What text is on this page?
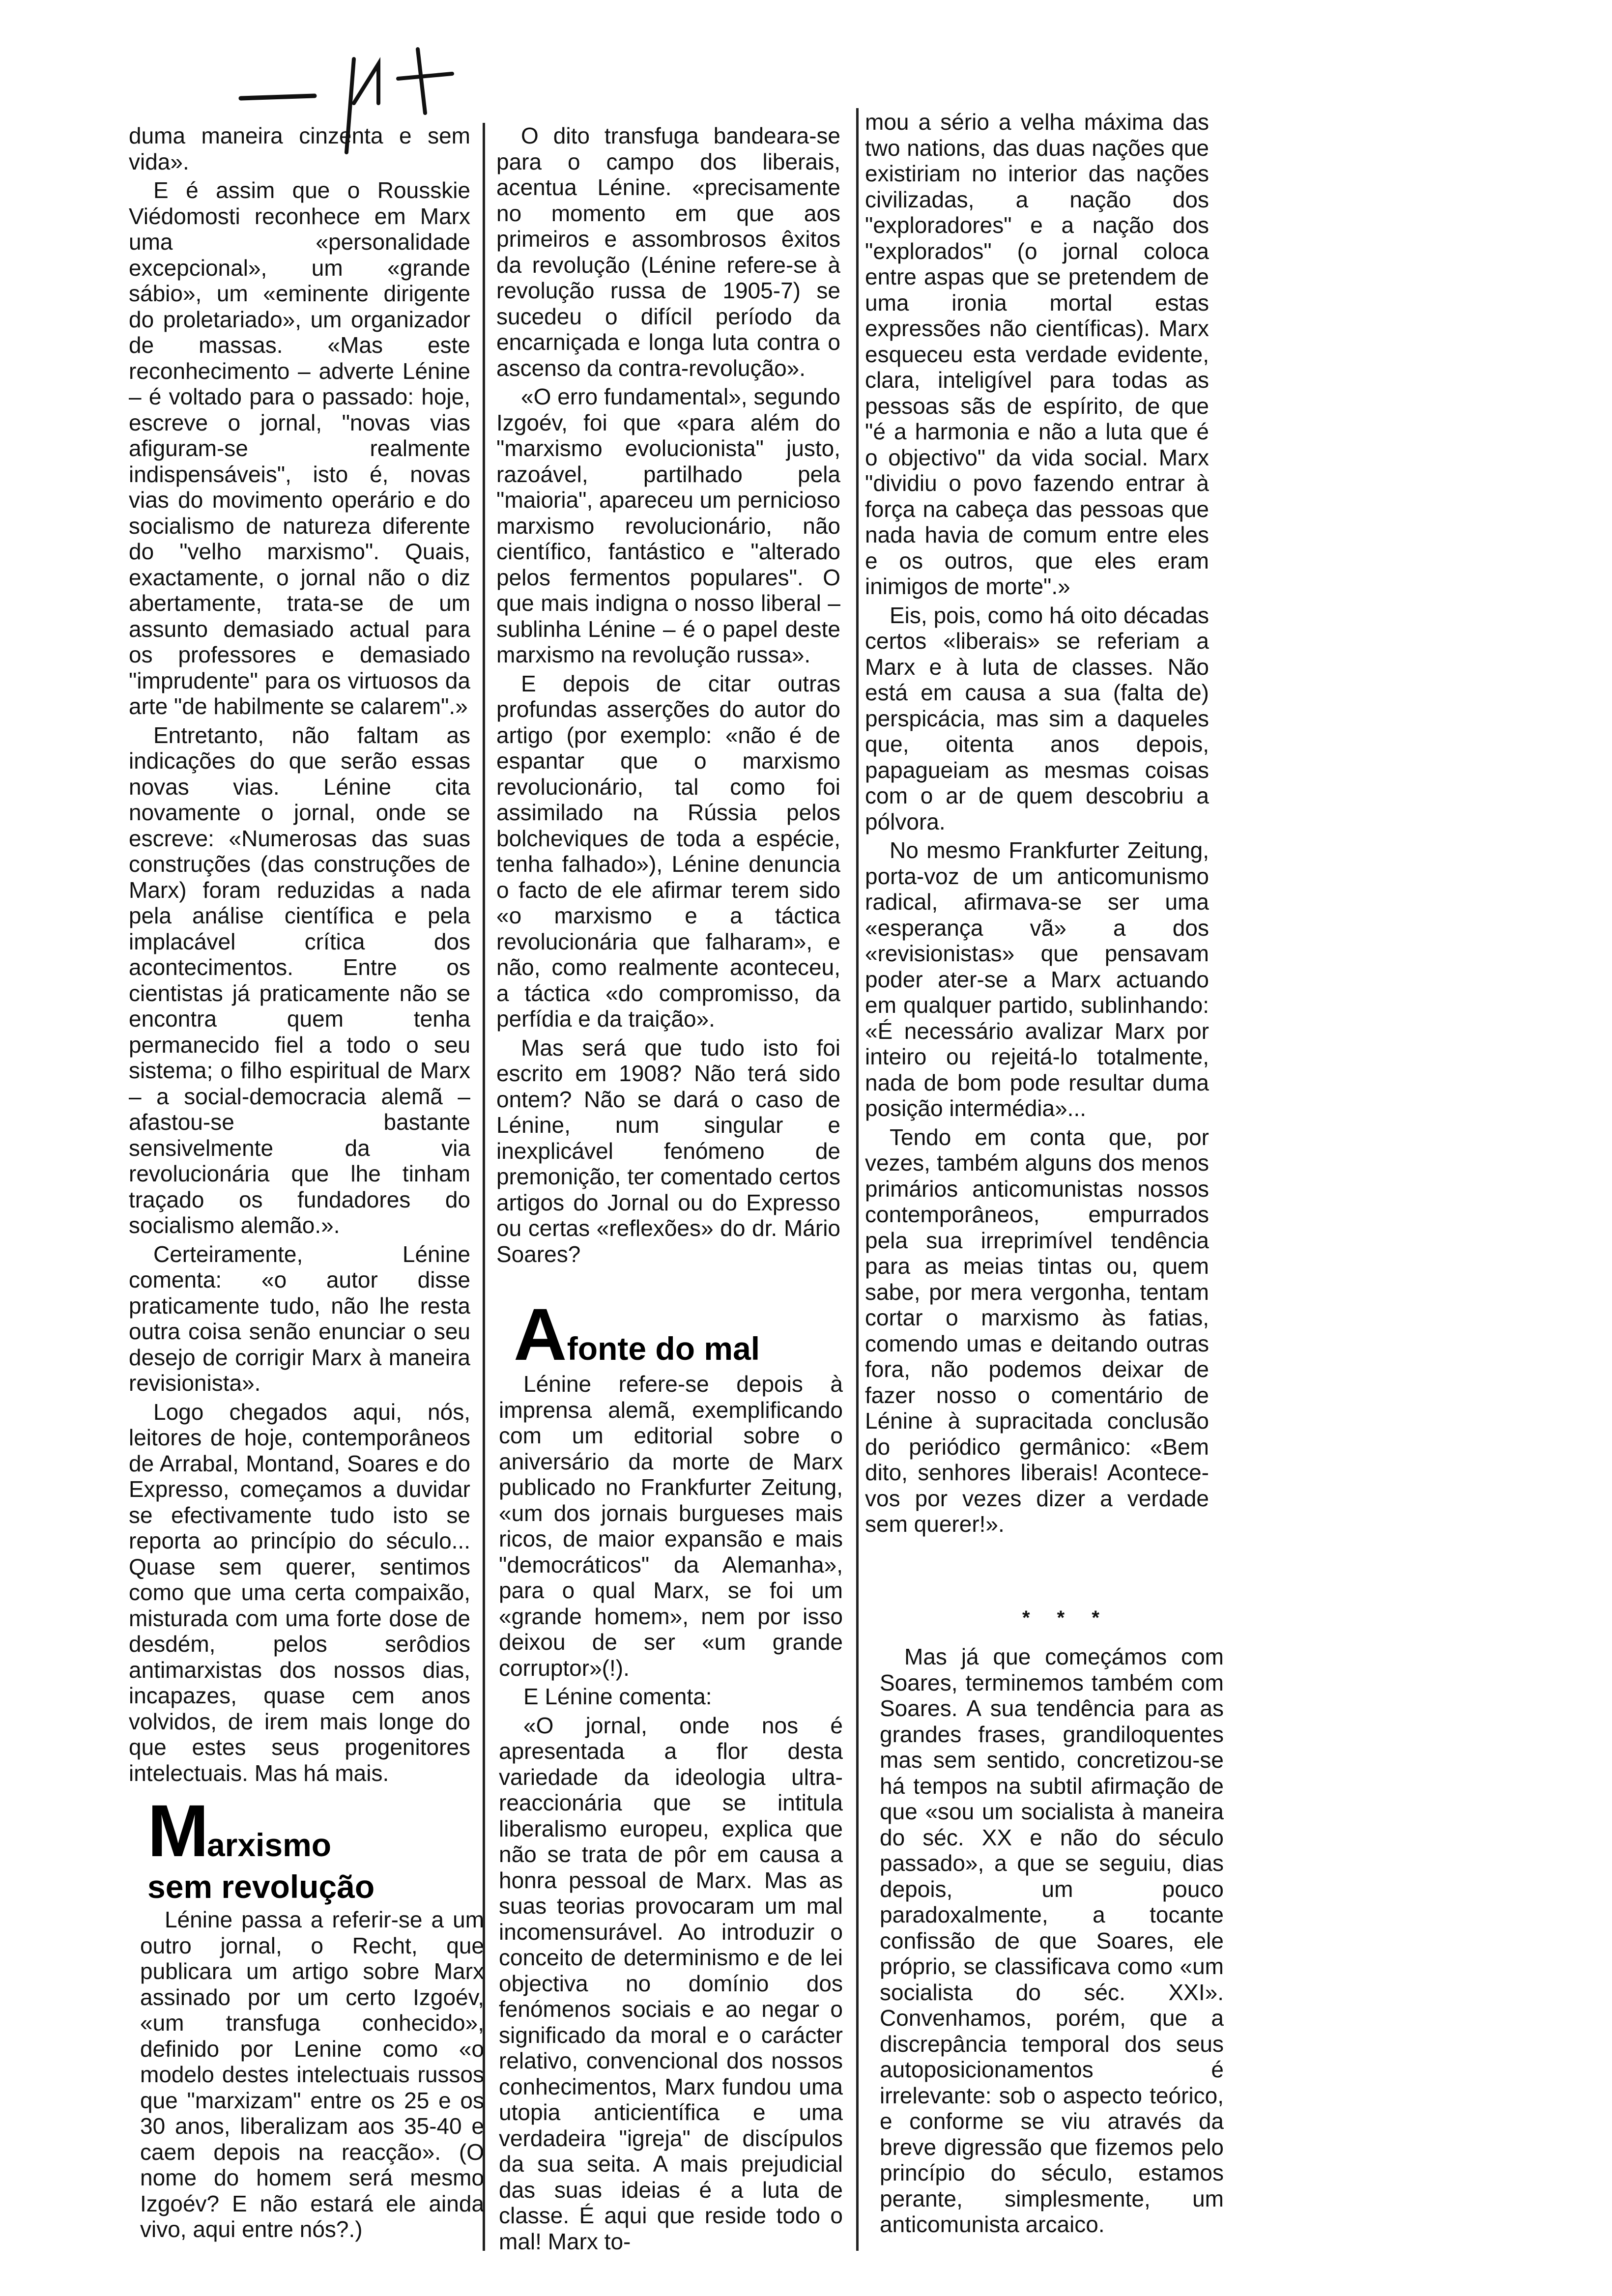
duma maneira cinzenta e sem vida».

E é assim que o Rousskie Viédomosti reconhece em Marx uma «personalidade excepcional», um «grande sábio», um «eminente dirigente do proletariado», um organizador de massas. «Mas este reconhecimento – adverte Lénine – é voltado para o passado: hoje, escreve o jornal, "novas vias afiguram-se realmente indispensáveis", isto é, novas vias do movimento operário e do socialismo de natureza diferente do "velho marxismo". Quais, exactamente, o jornal não o diz abertamente, trata-se de um assunto demasiado actual para os professores e demasiado "imprudente" para os virtuosos da arte "de habilmente se calarem".»

Entretanto, não faltam as indicações do que serão essas novas vias. Lénine cita novamente o jornal, onde se escreve: «Numerosas das suas construções (das construções de Marx) foram reduzidas a nada pela análise científica e pela implacável crítica dos acontecimentos. Entre os cientistas já praticamente não se encontra quem tenha permanecido fiel a todo o seu sistema; o filho espiritual de Marx – a social-democracia alemã – afastou-se bastante sensivelmente da via revolucionária que lhe tinham traçado os fundadores do socialismo alemão.».

Certeiramente, Lénine comenta: «o autor disse praticamente tudo, não lhe resta outra coisa senão enunciar o seu desejo de corrigir Marx à maneira revisionista».

Logo chegados aqui, nós, leitores de hoje, contemporâneos de Arrabal, Montand, Soares e do Expresso, começamos a duvidar se efectivamente tudo isto se reporta ao princípio do século... Quase sem querer, sentimos como que uma certa compaixão, misturada com uma forte dose de desdém, pelos serôdios antimarxistas dos nossos dias, incapazes, quase cem anos volvidos, de irem mais longe do que estes seus progenitores intelectuais. Mas há mais.

Marxismo
sem revolução

Lénine passa a referir-se a um outro jornal, o Recht, que publicara um artigo sobre Marx assinado por um certo Izgoév, «um transfuga conhecido», definido por Lenine como «o modelo destes intelectuais russos que "marxizam" entre os 25 e os 30 anos, liberalizam aos 35-40 e caem depois na reacção». (O nome do homem será mesmo Izgoév? E não estará ele ainda vivo, aqui entre nós?.)

O dito transfuga bandeara-se para o campo dos liberais, acentua Lénine. «precisamente no momento em que aos primeiros e assombrosos êxitos da revolução (Lénine refere-se à revolução russa de 1905-7) se sucedeu o difícil período da encarniçada e longa luta contra o ascenso da contra-revolução».

«O erro fundamental», segundo Izgoév, foi que «para além do "marxismo evolucionista" justo, razoável, partilhado pela "maioria", apareceu um pernicioso marxismo revolucionário, não científico, fantástico e "alterado pelos fermentos populares". O que mais indigna o nosso liberal – sublinha Lénine – é o papel deste marxismo na revolução russa».

E depois de citar outras profundas asserções do autor do artigo (por exemplo: «não é de espantar que o marxismo revolucionário, tal como foi assimilado na Rússia pelos bolcheviques de toda a espécie, tenha falhado»), Lénine denuncia o facto de ele afirmar terem sido «o marxismo e a táctica revolucionária que falharam», e não, como realmente aconteceu, a táctica «do compromisso, da perfídia e da traição».

Mas será que tudo isto foi escrito em 1908? Não terá sido ontem? Não se dará o caso de Lénine, num singular e inexplicável fenómeno de premonição, ter comentado certos artigos do Jornal ou do Expresso ou certas «reflexões» do dr. Mário Soares?

A fonte do mal

Lénine refere-se depois à imprensa alemã, exemplificando com um editorial sobre o aniversário da morte de Marx publicado no Frankfurter Zeitung, «um dos jornais burgueses mais ricos, de maior expansão e mais "democráticos" da Alemanha», para o qual Marx, se foi um «grande homem», nem por isso deixou de ser «um grande corruptor»(!).

E Lénine comenta:

«O jornal, onde nos é apresentada a flor desta variedade da ideologia ultra-reaccionária que se intitula liberalismo europeu, explica que não se trata de pôr em causa a honra pessoal de Marx. Mas as suas teorias provocaram um mal incomensurável. Ao introduzir o conceito de determinismo e de lei objectiva no domínio dos fenómenos sociais e ao negar o significado da moral e o carácter relativo, convencional dos nossos conhecimentos, Marx fundou uma utopia anticientífica e uma verdadeira "igreja" de discípulos da sua seita. A mais prejudicial das suas ideias é a luta de classe. É aqui que reside todo o mal! Marx to-

mou a sério a velha máxima das two nations, das duas nações que existiriam no interior das nações civilizadas, a nação dos "exploradores" e a nação dos "explorados" (o jornal coloca entre aspas que se pretendem de uma ironia mortal estas expressões não científicas). Marx esqueceu esta verdade evidente, clara, inteligível para todas as pessoas sãs de espírito, de que "é a harmonia e não a luta que é o objectivo" da vida social. Marx "dividiu o povo fazendo entrar à força na cabeça das pessoas que nada havia de comum entre eles e os outros, que eles eram inimigos de morte".»

Eis, pois, como há oito décadas certos «liberais» se referiam a Marx e à luta de classes. Não está em causa a sua (falta de) perspicácia, mas sim a daqueles que, oitenta anos depois, papagueiam as mesmas coisas com o ar de quem descobriu a pólvora.

No mesmo Frankfurter Zeitung, porta-voz de um anticomunismo radical, afirmava-se ser uma «esperança vã» a dos «revisionistas» que pensavam poder ater-se a Marx actuando em qualquer partido, sublinhando: «É necessário avalizar Marx por inteiro ou rejeitá-lo totalmente, nada de bom pode resultar duma posição intermédia»...

Tendo em conta que, por vezes, também alguns dos menos primários anticomunistas nossos contemporâneos, empurrados pela sua irreprimível tendência para as meias tintas ou, quem sabe, por mera vergonha, tentam cortar o marxismo às fatias, comendo umas e deitando outras fora, não podemos deixar de fazer nosso o comentário de Lénine à supracitada conclusão do periódico germânico: «Bem dito, senhores liberais! Acontece-vos por vezes dizer a verdade sem querer!».

* * *

Mas já que começámos com Soares, terminemos também com Soares. A sua tendência para as grandes frases, grandiloquentes mas sem sentido, concretizou-se há tempos na subtil afirmação de que «sou um socialista à maneira do séc. XX e não do século passado», a que se seguiu, dias depois, um pouco paradoxalmente, a tocante confissão de que Soares, ele próprio, se classificava como «um socialista do séc. XXI». Convenhamos, porém, que a discrepância temporal dos seus autoposicionamentos é irrelevante: sob o aspecto teórico, e conforme se viu através da breve digressão que fizemos pelo princípio do século, estamos perante, simplesmente, um anticomunista arcaico.
